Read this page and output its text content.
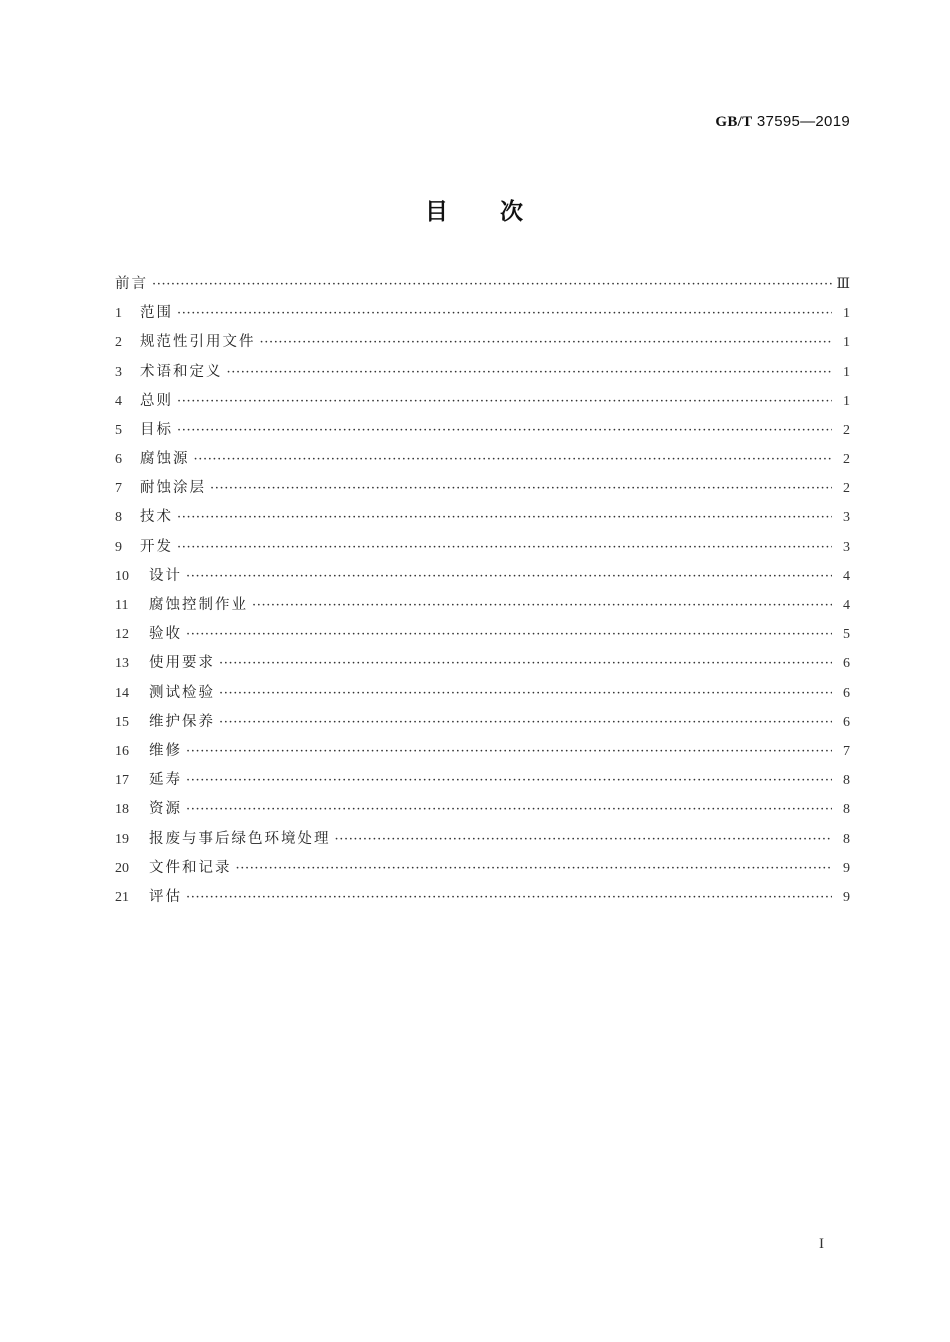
GB/T 37595—2019
目 次
前言 ·····	Ⅲ
1	范围 ·····	1
2	规范性引用文件 ·····	1
3	术语和定义 ·····	1
4	总则 ·····	1
5	目标 ·····	2
6	腐蚀源 ·····	2
7	耐蚀涂层 ·····	2
8	技术 ·····	3
9	开发 ·····	3
10	设计 ·····	4
11	腐蚀控制作业 ·····	4
12	验收 ·····	5
13	使用要求 ·····	6
14	测试检验 ·····	6
15	维护保养 ·····	6
16	维修 ·····	7
17	延寿 ·····	8
18	资源 ·····	8
19	报废与事后绿色环境处理 ·····	8
20	文件和记录 ·····	9
21	评估 ·····	9
I
